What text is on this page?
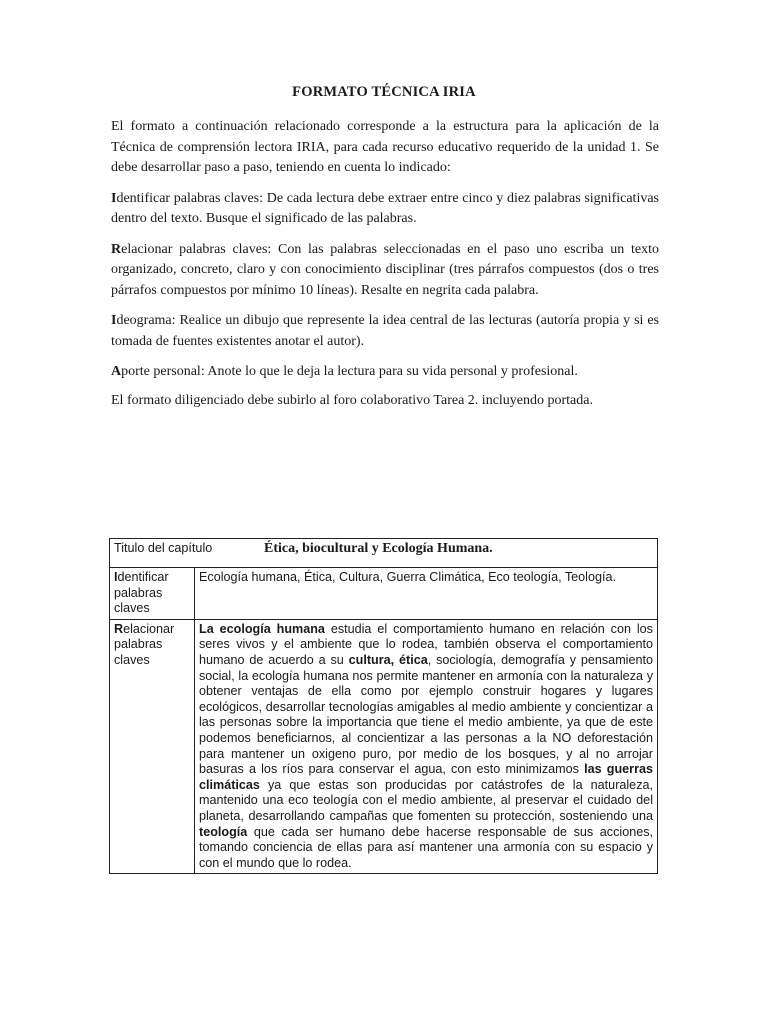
FORMATO TÉCNICA IRIA

El formato a continuación relacionado corresponde a la estructura para la aplicación de la Técnica de comprensión lectora IRIA, para cada recurso educativo requerido de la unidad 1. Se debe desarrollar paso a paso, teniendo en cuenta lo indicado:

Identificar palabras claves: De cada lectura debe extraer entre cinco y diez palabras significativas dentro del texto. Busque el significado de las palabras.

Relacionar palabras claves: Con las palabras seleccionadas en el paso uno escriba un texto organizado, concreto, claro y con conocimiento disciplinar (tres párrafos compuestos (dos o tres párrafos compuestos por mínimo 10 líneas). Resalte en negrita cada palabra.

Ideograma: Realice un dibujo que represente la idea central de las lecturas (autoría propia y si es tomada de fuentes existentes anotar el autor).

Aporte personal: Anote lo que le deja la lectura para su vida personal y profesional.

El formato diligenciado debe subirlo al foro colaborativo Tarea 2. incluyendo portada.

Titulo del capítulo Ética, biocultural y Ecología Humana.	
Identificar palabras claves	Ecología humana, Ética, Cultura, Guerra Climática, Eco teología, Teología.
Relacionar palabras claves	La ecología humana estudia el comportamiento humano en relación con los seres vivos y el ambiente que lo rodea, también observa el comportamiento humano de acuerdo a su cultura, ética, sociología, demografía y pensamiento social, la ecología humana nos permite mantener en armonía con la naturaleza y obtener ventajas de ella como por ejemplo construir hogares y lugares ecológicos, desarrollar tecnologías amigables al medio ambiente y concientizar a las personas sobre la importancia que tiene el medio ambiente, ya que de este podemos beneficiarnos, al concientizar a las personas a la NO deforestación para mantener un oxigeno puro, por medio de los bosques, y al no arrojar basuras a los ríos para conservar el agua, con esto minimizamos las guerras climáticas ya que estas son producidas por catástrofes de la naturaleza, mantenido una eco teología con el medio ambiente, al preservar el cuidado del planeta, desarrollando campañas que fomenten su protección, sosteniendo una teología que cada ser humano debe hacerse responsable de sus acciones, tomando conciencia de ellas para así mantener una armonía con su espacio y con el mundo que lo rodea.
